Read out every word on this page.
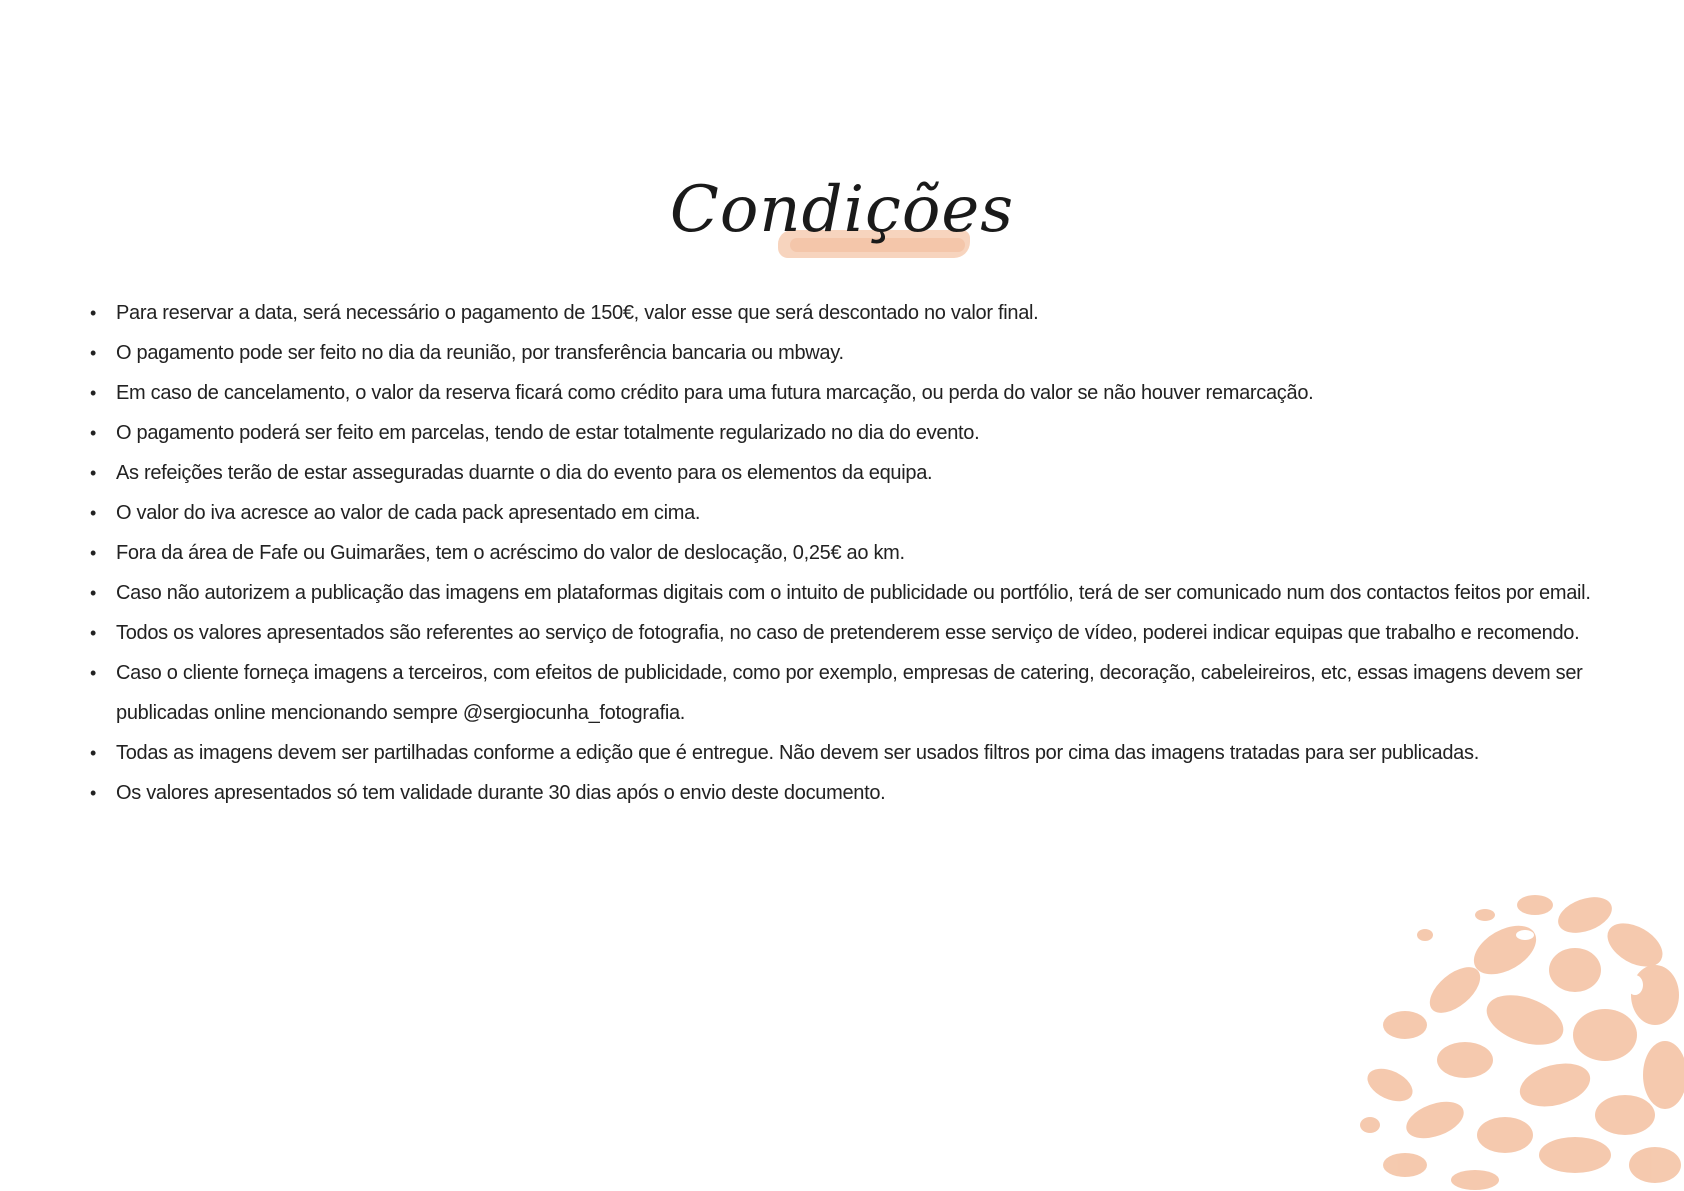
Condições
• Para reservar a data, será necessário o pagamento de 150€, valor esse que será descontado no valor final.
• O pagamento pode ser feito no dia da reunião, por transferência bancaria ou mbway.
• Em caso de cancelamento, o valor da reserva ficará como crédito para uma futura marcação, ou perda do valor se não houver remarcação.
• O pagamento poderá ser feito em parcelas, tendo de estar totalmente regularizado no dia do evento.
• As refeições terão de estar asseguradas duarnte o dia do evento para os elementos da equipa.
• O valor do iva acresce ao valor de cada pack apresentado em cima.
• Fora da área de Fafe ou Guimarães, tem o acréscimo do valor de deslocação, 0,25€ ao km.
• Caso não autorizem a publicação das imagens em plataformas digitais com o intuito de publicidade ou portfólio, terá de ser comunicado num dos contactos feitos por email.
• Todos os valores apresentados são referentes ao serviço de fotografia, no caso de pretenderem esse serviço de vídeo, poderei indicar equipas que trabalho e recomendo.
• Caso o cliente forneça imagens a terceiros, com efeitos de publicidade, como por exemplo, empresas de catering, decoração, cabeleireiros, etc, essas imagens devem ser publicadas online mencionando sempre @sergiocunha_fotografia.
• Todas as imagens devem ser partilhadas conforme a edição que é entregue. Não devem ser usados filtros por cima das imagens tratadas para ser publicadas.
• Os valores apresentados só tem validade durante 30 dias após o envio deste documento.
